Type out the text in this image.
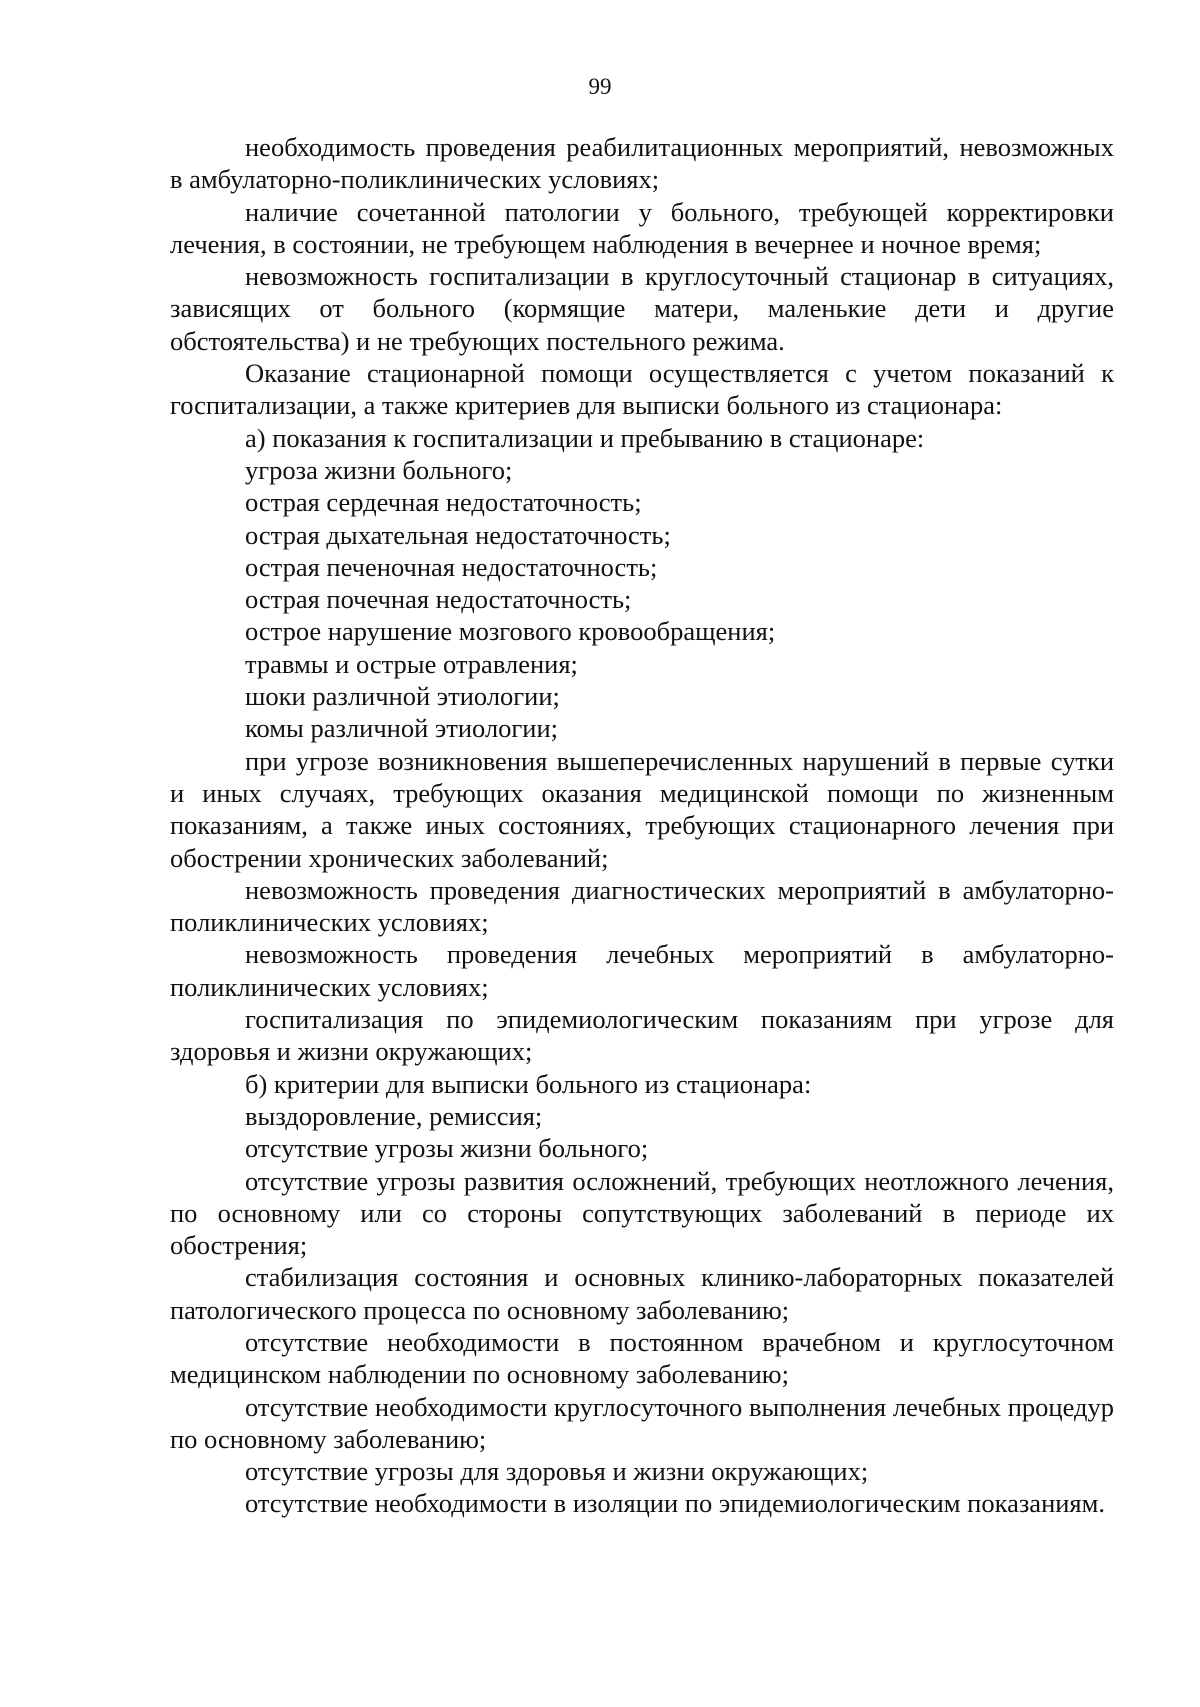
99

необходимость проведения реабилитационных мероприятий, невозможных в амбулаторно-поликлинических условиях;

наличие сочетанной патологии у больного, требующей корректировки лечения, в состоянии, не требующем наблюдения в вечернее и ночное время;

невозможность госпитализации в круглосуточный стационар в ситуациях, зависящих от больного (кормящие матери, маленькие дети и другие обстоятельства) и не требующих постельного режима.

Оказание стационарной помощи осуществляется с учетом показаний к госпитализации, а также критериев для выписки больного из стационара:

а) показания к госпитализации и пребыванию в стационаре:

угроза жизни больного;

острая сердечная недостаточность;

острая дыхательная недостаточность;

острая печеночная недостаточность;

острая почечная недостаточность;

острое нарушение мозгового кровообращения;

травмы и острые отравления;

шоки различной этиологии;

комы различной этиологии;

при угрозе возникновения вышеперечисленных нарушений в первые сутки и иных случаях, требующих оказания медицинской помощи по жизненным показаниям, а также иных состояниях, требующих стационарного лечения при обострении хронических заболеваний;

невозможность проведения диагностических мероприятий в амбулаторно-поликлинических условиях;

невозможность проведения лечебных мероприятий в амбулаторно-поликлинических условиях;

госпитализация по эпидемиологическим показаниям при угрозе для здоровья и жизни окружающих;

б) критерии для выписки больного из стационара:

выздоровление, ремиссия;

отсутствие угрозы жизни больного;

отсутствие угрозы развития осложнений, требующих неотложного лечения, по основному или со стороны сопутствующих заболеваний в периоде их обострения;

стабилизация состояния и основных клинико-лабораторных показателей патологического процесса по основному заболеванию;

отсутствие необходимости в постоянном врачебном и круглосуточном медицинском наблюдении по основному заболеванию;

отсутствие необходимости круглосуточного выполнения лечебных процедур по основному заболеванию;

отсутствие угрозы для здоровья и жизни окружающих;

отсутствие необходимости в изоляции по эпидемиологическим показаниям.
